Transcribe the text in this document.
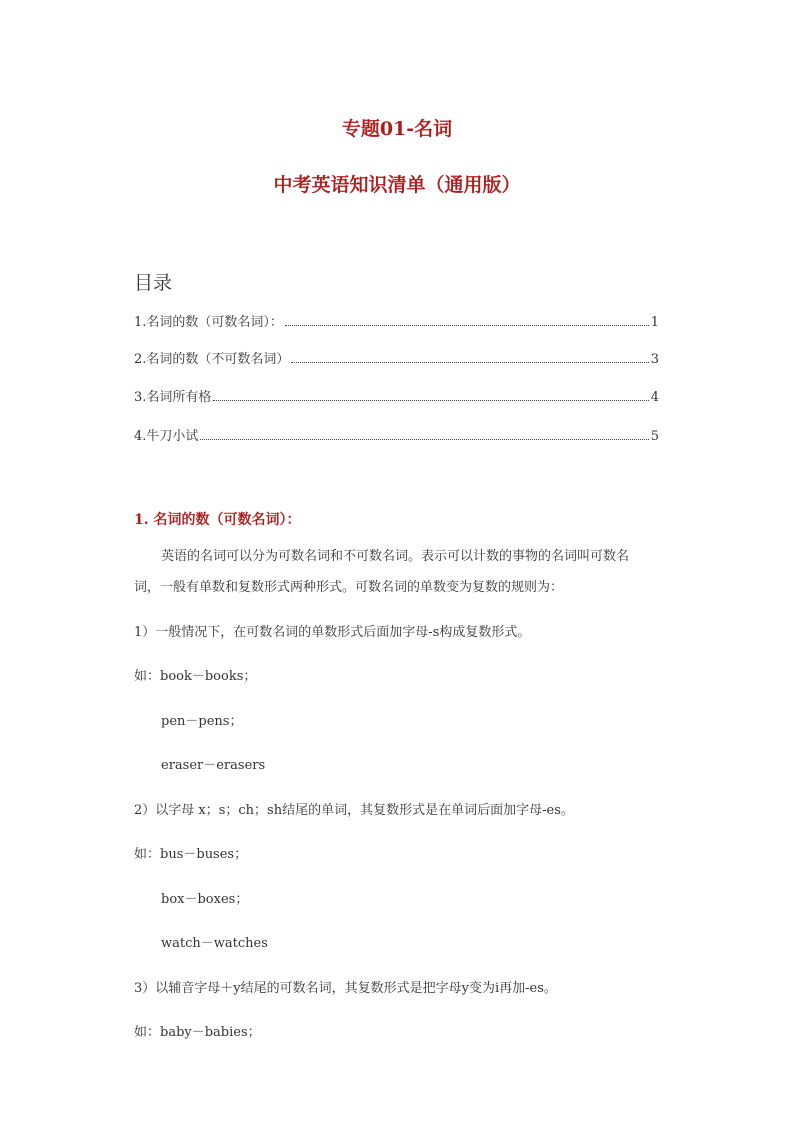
专题01-名词
中考英语知识清单（通用版）
目录
1.名词的数（可数名词）：	1
2.名词的数（不可数名词）	3
3.名词所有格	4
4.牛刀小试	5
1. 名词的数（可数名词）：
英语的名词可以分为可数名词和不可数名词。表示可以计数的事物的名词叫可数名
词，一般有单数和复数形式两种形式。可数名词的单数变为复数的规则为：
1）一般情况下，在可数名词的单数形式后面加字母-s构成复数形式。
如：book－books；
pen－pens；
eraser－erasers
2）以字母 x；s；ch；sh结尾的单词，其复数形式是在单词后面加字母-es。
如：bus－buses；
box－boxes；
watch－watches
3）以辅音字母＋y结尾的可数名词，其复数形式是把字母y变为i再加-es。
如：baby－babies；
